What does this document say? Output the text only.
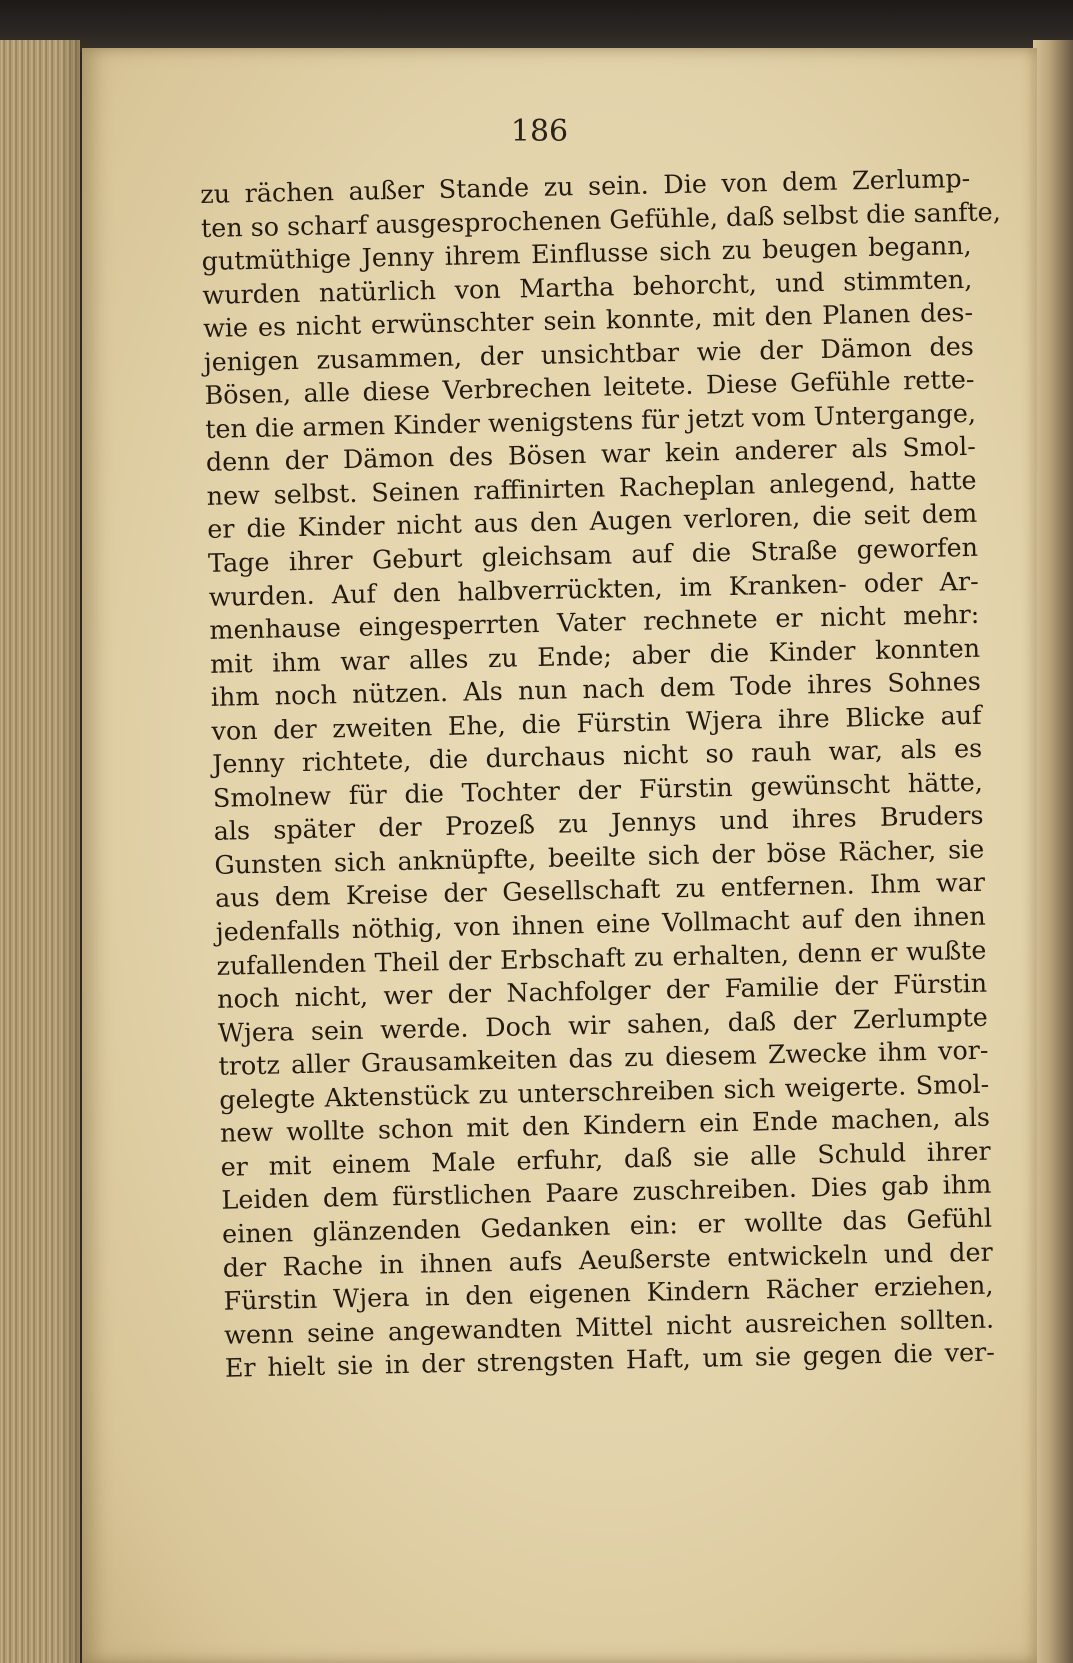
186
zu rächen außer Stande zu sein. Die von dem Zerlump-
ten so scharf ausgesprochenen Gefühle, daß selbst die sanfte,
gutmüthige Jenny ihrem Einflusse sich zu beugen begann,
wurden natürlich von Martha behorcht, und stimmten,
wie es nicht erwünschter sein konnte, mit den Planen des-
jenigen zusammen, der unsichtbar wie der Dämon des
Bösen, alle diese Verbrechen leitete. Diese Gefühle rette-
ten die armen Kinder wenigstens für jetzt vom Untergange,
denn der Dämon des Bösen war kein anderer als Smol-
new selbst. Seinen raffinirten Racheplan anlegend, hatte
er die Kinder nicht aus den Augen verloren, die seit dem
Tage ihrer Geburt gleichsam auf die Straße geworfen
wurden. Auf den halbverrückten, im Kranken- oder Ar-
menhause eingesperrten Vater rechnete er nicht mehr:
mit ihm war alles zu Ende; aber die Kinder konnten
ihm noch nützen. Als nun nach dem Tode ihres Sohnes
von der zweiten Ehe, die Fürstin Wjera ihre Blicke auf
Jenny richtete, die durchaus nicht so rauh war, als es
Smolnew für die Tochter der Fürstin gewünscht hätte,
als später der Prozeß zu Jennys und ihres Bruders
Gunsten sich anknüpfte, beeilte sich der böse Rächer, sie
aus dem Kreise der Gesellschaft zu entfernen. Ihm war
jedenfalls nöthig, von ihnen eine Vollmacht auf den ihnen
zufallenden Theil der Erbschaft zu erhalten, denn er wußte
noch nicht, wer der Nachfolger der Familie der Fürstin
Wjera sein werde. Doch wir sahen, daß der Zerlumpte
trotz aller Grausamkeiten das zu diesem Zwecke ihm vor-
gelegte Aktenstück zu unterschreiben sich weigerte. Smol-
new wollte schon mit den Kindern ein Ende machen, als
er mit einem Male erfuhr, daß sie alle Schuld ihrer
Leiden dem fürstlichen Paare zuschreiben. Dies gab ihm
einen glänzenden Gedanken ein: er wollte das Gefühl
der Rache in ihnen aufs Aeußerste entwickeln und der
Fürstin Wjera in den eigenen Kindern Rächer erziehen,
wenn seine angewandten Mittel nicht ausreichen sollten.
Er hielt sie in der strengsten Haft, um sie gegen die ver-
